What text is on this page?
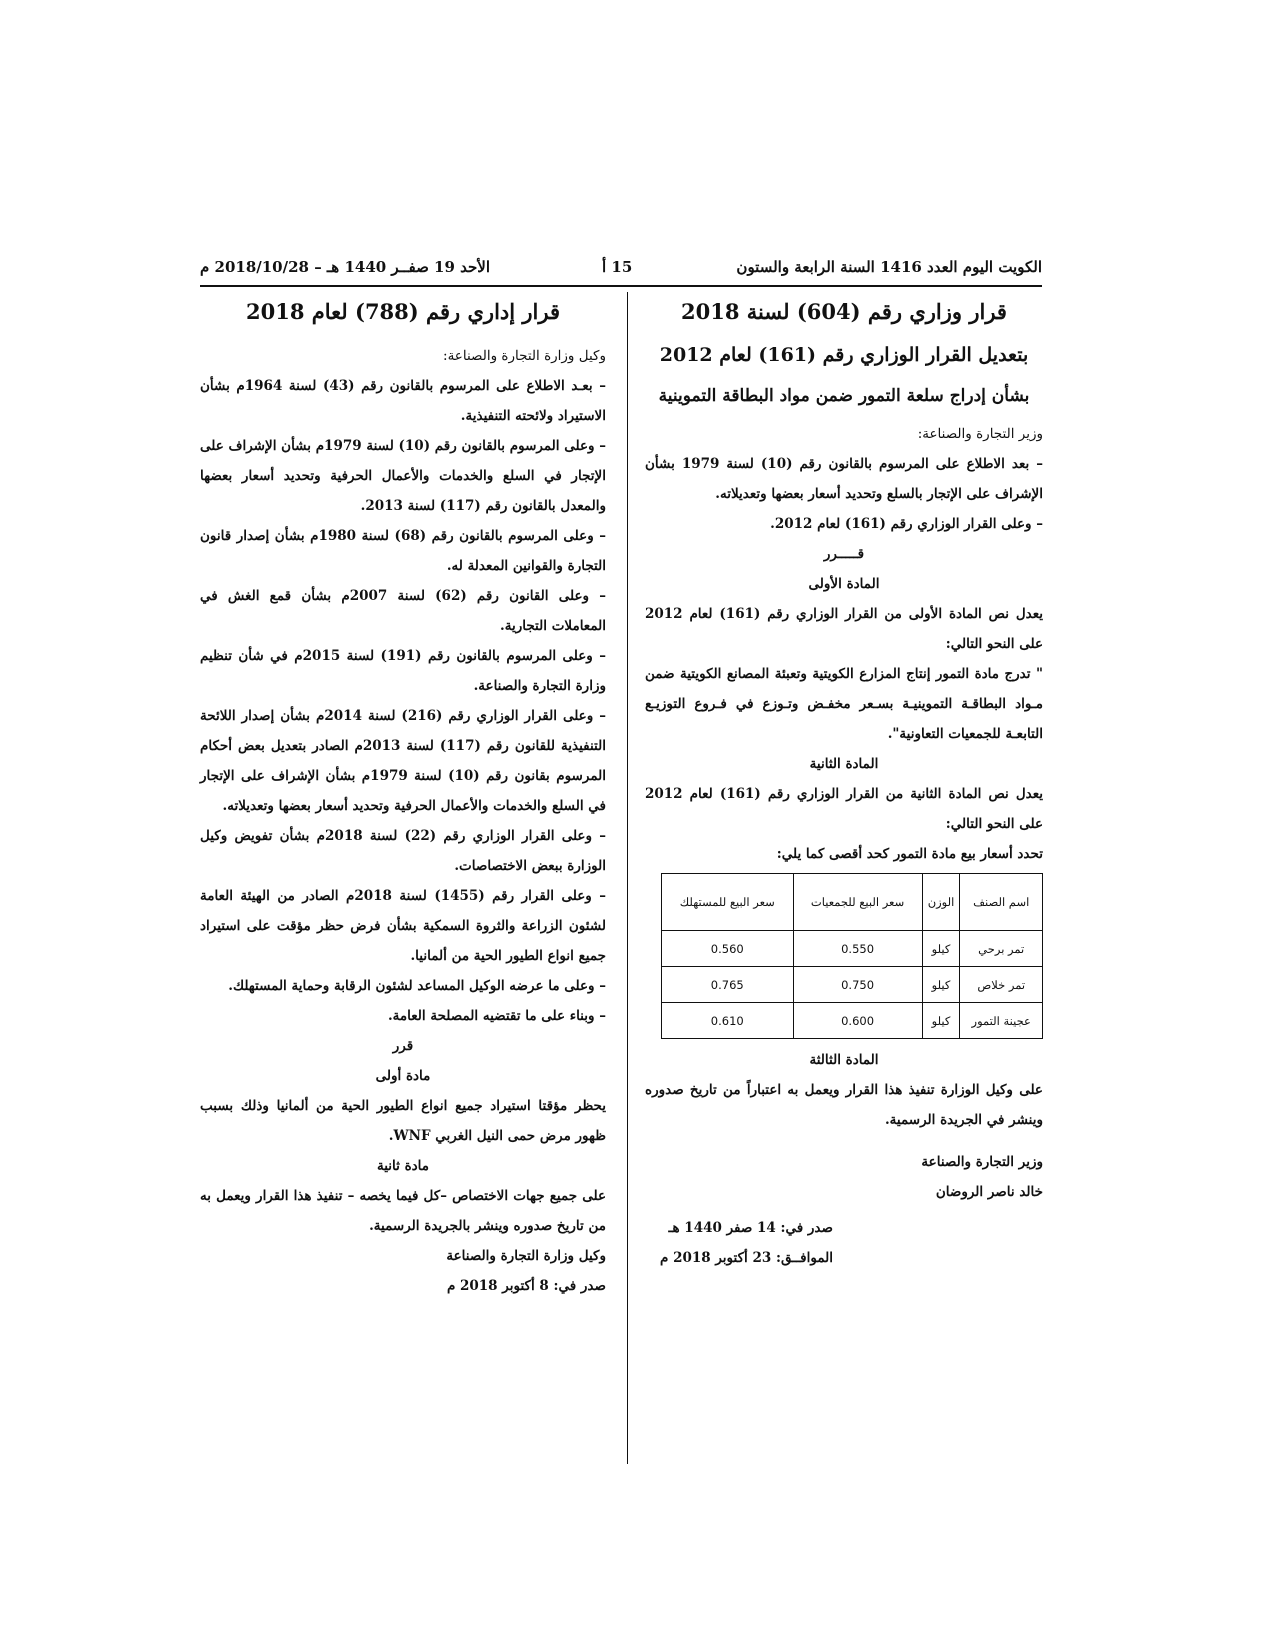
الكويت اليوم العدد 1416 السنة الرابعة والستون
15 أ
الأحد 19 صفــر 1440 هـ – 2018/10/28 م
قرار وزاري رقم (604) لسنة 2018
بتعديل القرار الوزاري رقم (161) لعام 2012
بشأن إدراج سلعة التمور ضمن مواد البطاقة التموينية

وزير التجارة والصناعة:

– بعد الاطلاع على المرسوم بالقانون رقم (10) لسنة 1979 بشأن الإشراف على الإتجار بالسلع وتحديد أسعار بعضها وتعديلاته.

– وعلى القرار الوزاري رقم (161) لعام 2012.

قـــــرر

المادة الأولى

يعدل نص المادة الأولى من القرار الوزاري رقم (161) لعام 2012 على النحو التالي:

" تدرج مادة التمور إنتاج المزارع الكويتية وتعبئة المصانع الكويتية ضمن مـواد البطاقـة التموينيـة بسـعر مخفـض وتـوزع في فـروع التوزيـع التابعـة للجمعيات التعاونية".

المادة الثانية

يعدل نص المادة الثانية من القرار الوزاري رقم (161) لعام 2012 على النحو التالي:

تحدد أسعار بيع مادة التمور كحد أقصى كما يلي:

اسم الصنف	الوزن	سعر البيع للجمعيات	سعر البيع للمستهلك
تمر برحي	كيلو	0.550	0.560
تمر خلاص	كيلو	0.750	0.765
عجينة التمور	كيلو	0.600	0.610

المادة الثالثة

على وكيل الوزارة تنفيذ هذا القرار ويعمل به اعتباراً من تاريخ صدوره وينشر في الجريدة الرسمية.

وزير التجارة والصناعة

خالد ناصر الروضان

صدر في: 14 صفر 1440 هـ

الموافــق: 23 أكتوبر 2018 م

قرار إداري رقم (788) لعام 2018

وكيل وزارة التجارة والصناعة:

– بعـد الاطلاع على المرسوم بالقانون رقم (43) لسنة 1964م بشأن الاستيراد ولائحته التنفيذية.

– وعلى المرسوم بالقانون رقم (10) لسنة 1979م بشأن الإشراف على الإتجار في السلع والخدمات والأعمال الحرفية وتحديد أسعار بعضها والمعدل بالقانون رقم (117) لسنة 2013.

– وعلى المرسوم بالقانون رقم (68) لسنة 1980م بشأن إصدار قانون التجارة والقوانين المعدلة له.

– وعلى القانون رقم (62) لسنة 2007م بشأن قمع الغش في المعاملات التجارية.

– وعلى المرسوم بالقانون رقم (191) لسنة 2015م في شأن تنظيم وزارة التجارة والصناعة.

– وعلى القرار الوزاري رقم (216) لسنة 2014م بشأن إصدار اللائحة التنفيذية للقانون رقم (117) لسنة 2013م الصادر بتعديل بعض أحكام المرسوم بقانون رقم (10) لسنة 1979م بشأن الإشراف على الإتجار في السلع والخدمات والأعمال الحرفية وتحديد أسعار بعضها وتعديلاته.

– وعلى القرار الوزاري رقم (22) لسنة 2018م بشأن تفويض وكيل الوزارة ببعض الاختصاصات.

– وعلى القرار رقم (1455) لسنة 2018م الصادر من الهيئة العامة لشئون الزراعة والثروة السمكية بشأن فرض حظر مؤقت على استيراد جميع انواع الطيور الحية من ألمانيا.

– وعلى ما عرضه الوكيل المساعد لشئون الرقابة وحماية المستهلك.

– وبناء على ما تقتضيه المصلحة العامة.

قرر

مادة أولى

يحظر مؤقتا استيراد جميع انواع الطيور الحية من ألمانيا وذلك بسبب ظهور مرض حمى النيل الغربي WNF.

مادة ثانية

على جميع جهات الاختصاص –كل فيما يخصه – تنفيذ هذا القرار ويعمل به من تاريخ صدوره وينشر بالجريدة الرسمية.

وكيل وزارة التجارة والصناعة

صدر في: 8 أكتوبر 2018 م
